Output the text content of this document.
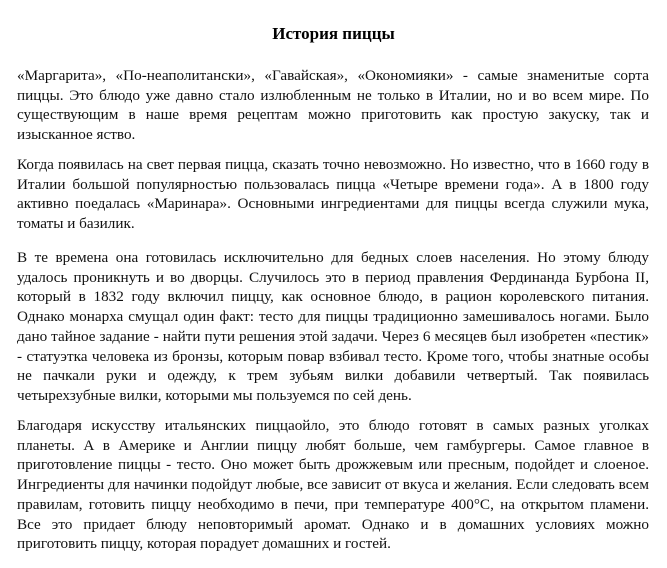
История пиццы

«Маргарита», «По-неаполитански», «Гавайская», «Окономияки» - самые знаменитые сорта пиццы. Это блюдо уже давно стало излюбленным не только в Италии, но и во всем мире. По существующим в наше время рецептам можно приготовить как простую закуску, так и изысканное яство.

Когда появилась на свет первая пицца, сказать точно невозможно. Но известно, что в 1660 году в Италии большой популярностью пользовалась пицца «Четыре времени года». А в 1800 году активно поедалась «Маринара». Основными ингредиентами для пиццы всегда служили мука, томаты и базилик.

В те времена она готовилась исключительно для бедных слоев населения. Но этому блюду удалось проникнуть и во дворцы. Случилось это в период правления Фердинанда Бурбона II, который в 1832 году включил пиццу, как основное блюдо, в рацион королевского питания. Однако монарха смущал один факт: тесто для пиццы традиционно замешивалось ногами. Было дано тайное задание - найти пути решения этой задачи. Через 6 месяцев был изобретен «пестик» - статуэтка человека из бронзы, которым повар взбивал тесто. Кроме того, чтобы знатные особы не пачкали руки и одежду, к трем зубьям вилки добавили четвертый. Так появилась четырехзубные вилки, которыми мы пользуемся по сей день.

Благодаря искусству итальянских пиццаойло, это блюдо готовят в самых разных уголках планеты. А в Америке и Англии пиццу любят больше, чем гамбургеры. Самое главное в приготовление пиццы - тесто. Оно может быть дрожжевым или пресным, подойдет и слоеное. Ингредиенты для начинки подойдут любые, все зависит от вкуса и желания. Если следовать всем правилам, готовить пиццу необходимо в печи, при температуре 400°С, на открытом пламени. Все это придает блюду неповторимый аромат. Однако и в домашних условиях можно приготовить пиццу, которая порадует домашних и гостей.
